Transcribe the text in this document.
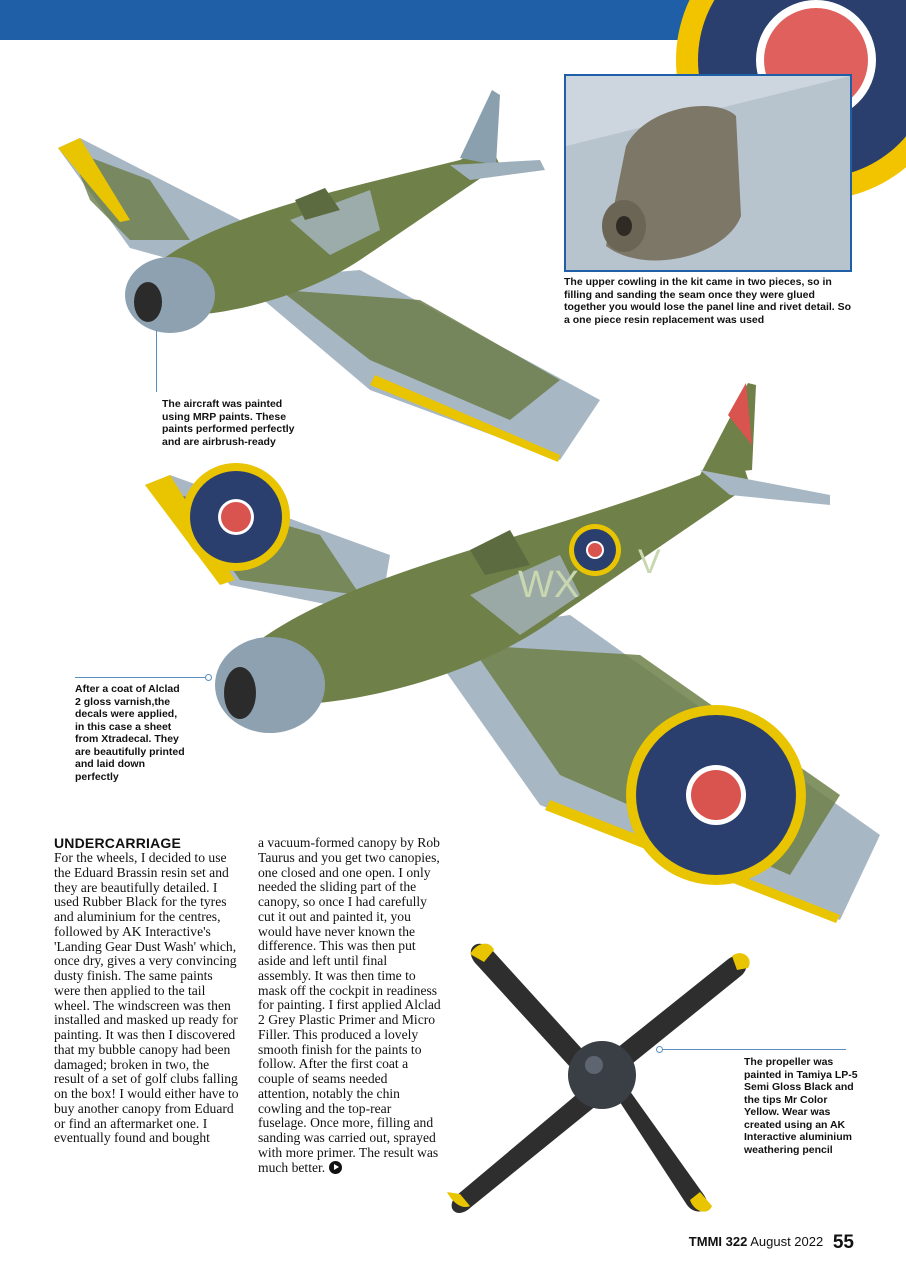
The upper cowling in the kit came in two pieces, so in filling and sanding the seam once they were glued together you would lose the panel line and rivet detail. So a one piece resin replacement was used
The aircraft was painted using MRP paints. These paints performed perfectly and are airbrush-ready
WX
V
After a coat of Alclad 2 gloss varnish,the decals were applied, in this case a sheet from Xtradecal. They are beautifully printed and laid down perfectly
The propeller was painted in Tamiya LP-5 Semi Gloss Black and the tips Mr Color Yellow. Wear was created using an AK Interactive aluminium weathering pencil
UNDERCARRIAGE

For the wheels, I decided to use the Eduard Brassin resin set and they are beautifully detailed. I used Rubber Black for the tyres and aluminium for the centres, followed by AK Interactive's 'Landing Gear Dust Wash' which, once dry, gives a very convincing dusty finish. The same paints were then applied to the tail wheel. The windscreen was then installed and masked up ready for painting. It was then I discovered that my bubble canopy had been damaged; broken in two, the result of a set of golf clubs falling on the box! I would either have to buy another canopy from Eduard or find an aftermarket one. I eventually found and bought

a vacuum-formed canopy by Rob Taurus and you get two canopies, one closed and one open. I only needed the sliding part of the canopy, so once I had carefully cut it out and painted it, you would have never known the difference. This was then put aside and left until final assembly. It was then time to mask off the cockpit in readiness for painting. I first applied Alclad 2 Grey Plastic Primer and Micro Filler. This produced a lovely smooth finish for the paints to follow. After the first coat a couple of seams needed attention, notably the chin cowling and the top-rear fuselage. Once more, filling and sanding was carried out, sprayed with more primer. The result was much better.

TMMI 322 August 2022 55
